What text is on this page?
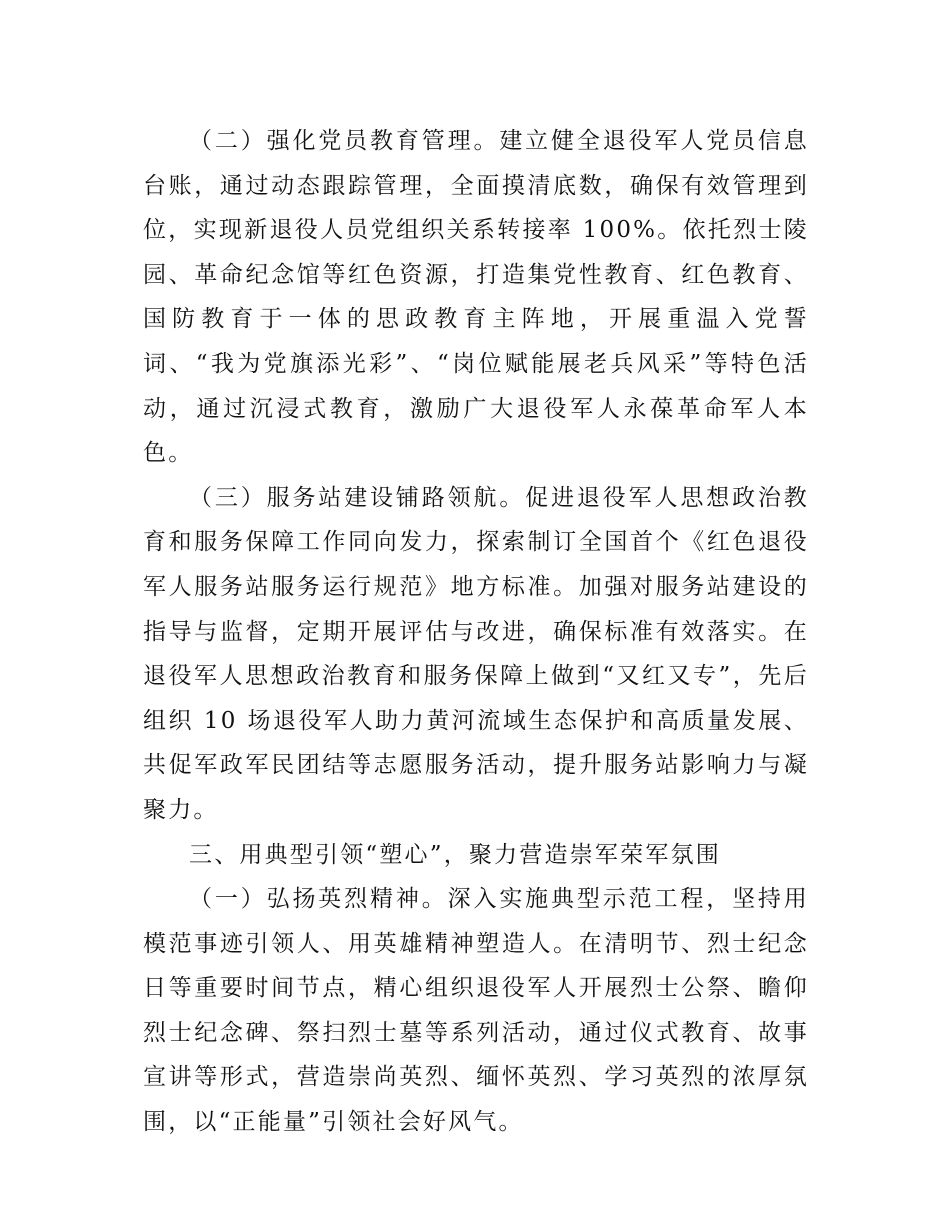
（二）强化党员教育管理。建立健全退役军人党员信息台账，通过动态跟踪管理，全面摸清底数，确保有效管理到位，实现新退役人员党组织关系转接率 100%。依托烈士陵园、革命纪念馆等红色资源，打造集党性教育、红色教育、国防教育于一体的思政教育主阵地，开展重温入党誓词、“我为党旗添光彩”、“岗位赋能展老兵风采”等特色活动，通过沉浸式教育，激励广大退役军人永葆革命军人本色。

（三）服务站建设铺路领航。促进退役军人思想政治教育和服务保障工作同向发力，探索制订全国首个《红色退役军人服务站服务运行规范》地方标准。加强对服务站建设的指导与监督，定期开展评估与改进，确保标准有效落实。在退役军人思想政治教育和服务保障上做到“又红又专”，先后组织 10 场退役军人助力黄河流域生态保护和高质量发展、共促军政军民团结等志愿服务活动，提升服务站影响力与凝聚力。

三、用典型引领“塑心”，聚力营造崇军荣军氛围

（一）弘扬英烈精神。深入实施典型示范工程，坚持用模范事迹引领人、用英雄精神塑造人。在清明节、烈士纪念日等重要时间节点，精心组织退役军人开展烈士公祭、瞻仰烈士纪念碑、祭扫烈士墓等系列活动，通过仪式教育、故事宣讲等形式，营造崇尚英烈、缅怀英烈、学习英烈的浓厚氛围，以“正能量”引领社会好风气。
